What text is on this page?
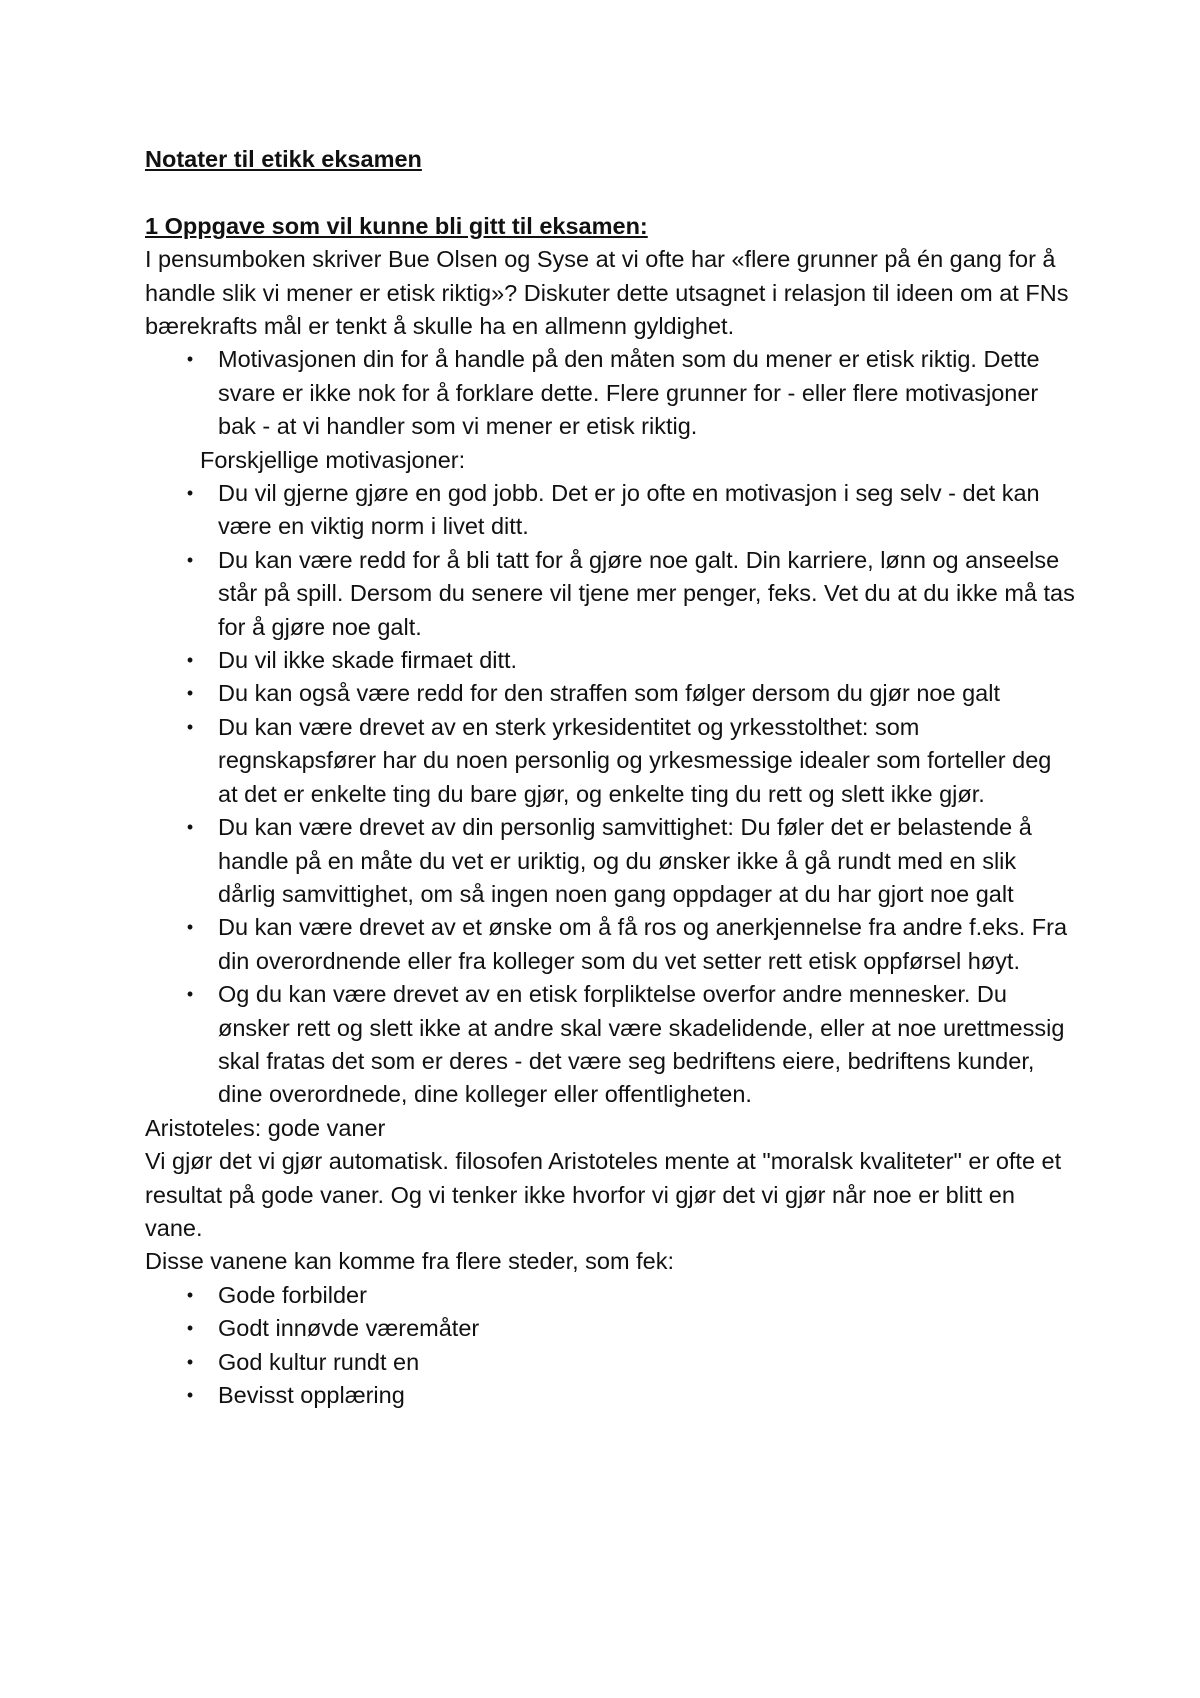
Notater til etikk eksamen

1 Oppgave som vil kunne bli gitt til eksamen:

I pensumboken skriver Bue Olsen og Syse at vi ofte har «flere grunner på én gang for å handle slik vi mener er etisk riktig»? Diskuter dette utsagnet i relasjon til ideen om at FNs bærekrafts mål er tenkt å skulle ha en allmenn gyldighet.

• Motivasjonen din for å handle på den måten som du mener er etisk riktig. Dette svare er ikke nok for å forklare dette. Flere grunner for - eller flere motivasjoner bak - at vi handler som vi mener er etisk riktig.

Forskjellige motivasjoner:

• Du vil gjerne gjøre en god jobb. Det er jo ofte en motivasjon i seg selv - det kan være en viktig norm i livet ditt.
• Du kan være redd for å bli tatt for å gjøre noe galt. Din karriere, lønn og anseelse står på spill. Dersom du senere vil tjene mer penger, feks. Vet du at du ikke må tas for å gjøre noe galt.
• Du vil ikke skade firmaet ditt.
• Du kan også være redd for den straffen som følger dersom du gjør noe galt
• Du kan være drevet av en sterk yrkesidentitet og yrkesstolthet: som regnskapsfører har du noen personlig og yrkesmessige idealer som forteller deg at det er enkelte ting du bare gjør, og enkelte ting du rett og slett ikke gjør.
• Du kan være drevet av din personlig samvittighet: Du føler det er belastende å handle på en måte du vet er uriktig, og du ønsker ikke å gå rundt med en slik dårlig samvittighet, om så ingen noen gang oppdager at du har gjort noe galt
• Du kan være drevet av et ønske om å få ros og anerkjennelse fra andre f.eks. Fra din overordnende eller fra kolleger som du vet setter rett etisk oppførsel høyt.
• Og du kan være drevet av en etisk forpliktelse overfor andre mennesker. Du ønsker rett og slett ikke at andre skal være skadelidende, eller at noe urettmessig skal fratas det som er deres - det være seg bedriftens eiere, bedriftens kunder, dine overordnede, dine kolleger eller offentligheten.

Aristoteles: gode vaner

Vi gjør det vi gjør automatisk. filosofen Aristoteles mente at "moralsk kvaliteter" er ofte et resultat på gode vaner. Og vi tenker ikke hvorfor vi gjør det vi gjør når noe er blitt en vane.

Disse vanene kan komme fra flere steder, som fek:

• Gode forbilder
• Godt innøvde væremåter
• God kultur rundt en
• Bevisst opplæring
